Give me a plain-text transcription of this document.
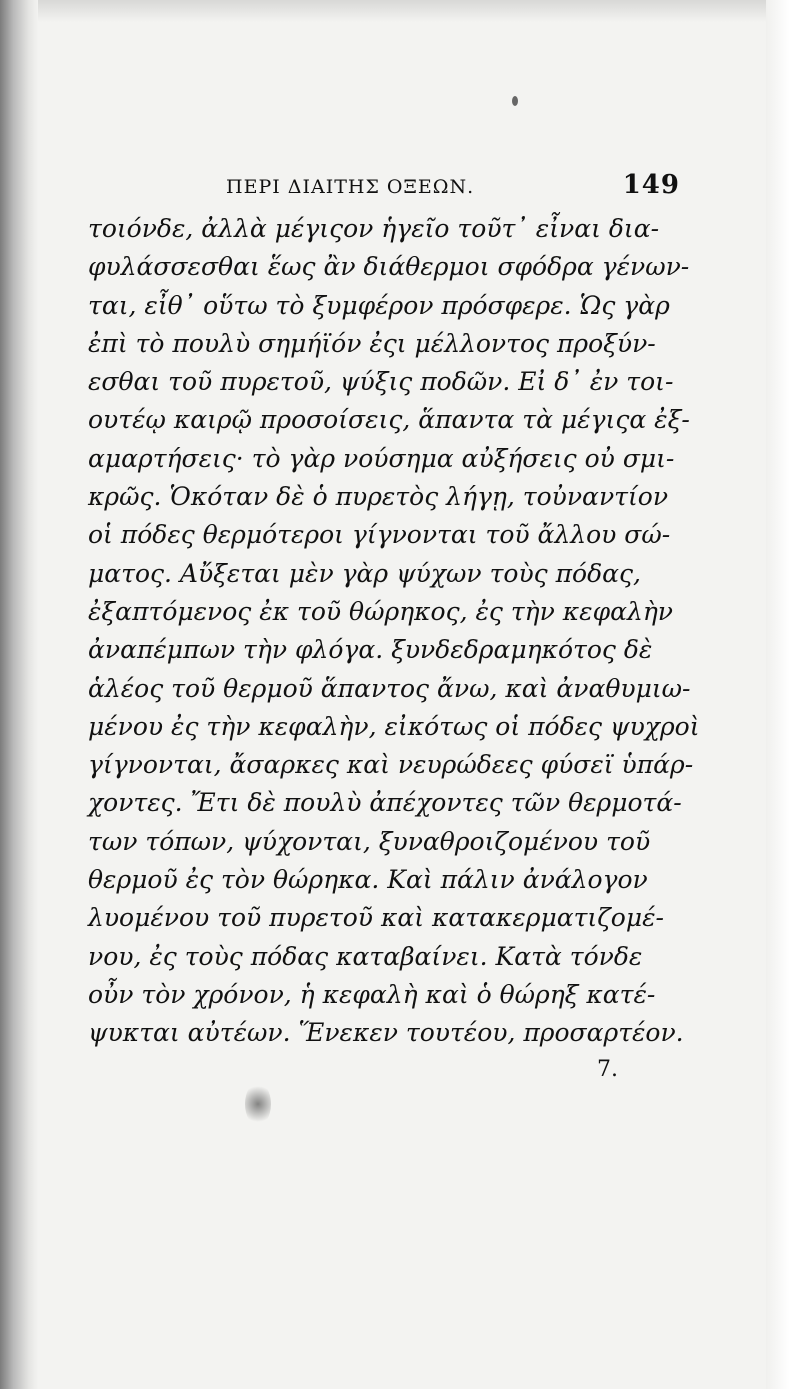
ΠΕΡΙ ΔΙΑΙΤΗΣ ΟΞΕΩΝ.	149
τοιόνδε, ἀλλὰ μέγιςον ἡγεῖο τοῦτ᾽ εἶναι δια-
φυλάσσεσθαι ἕως ἂν διάθερμοι σφόδρα γένων-
ται, εἶθ᾽ οὕτω τὸ ξυμφέρον πρόσφερε. Ὡς γὰρ
ἐπὶ τὸ πουλὺ σημήϊόν ἐςι μέλλοντος προξύν-
εσθαι τοῦ πυρετοῦ, ψύξις ποδῶν. Εἰ δ᾽ ἐν τοι-
ουτέῳ καιρῷ προσοίσεις, ἅπαντα τὰ μέγιςα ἐξ-
αμαρτήσεις· τὸ γὰρ νούσημα αὐξήσεις οὐ σμι-
κρῶς. Ὁκόταν δὲ ὁ πυρετὸς λήγῃ, τοὐναντίον
οἱ πόδες θερμότεροι γίγνονται τοῦ ἄλλου σώ-
ματος. Αὔξεται μὲν γὰρ ψύχων τοὺς πόδας,
ἐξαπτόμενος ἐκ τοῦ θώρηκος, ἐς τὴν κεφαλὴν
ἀναπέμπων τὴν φλόγα. ξυνδεδραμηκότος δὲ
ἁλέος τοῦ θερμοῦ ἅπαντος ἄνω, καὶ ἀναθυμιω-
μένου ἐς τὴν κεφαλὴν, εἰκότως οἱ πόδες ψυχροὶ
γίγνονται, ἄσαρκες καὶ νευρώδεες φύσεϊ ὑπάρ-
χοντες. Ἔτι δὲ πουλὺ ἀπέχοντες τῶν θερμοτά-
των τόπων, ψύχονται, ξυναθροιζομένου τοῦ
θερμοῦ ἐς τὸν θώρηκα. Καὶ πάλιν ἀνάλογον
λυομένου τοῦ πυρετοῦ καὶ κατακερματιζομέ-
νου, ἐς τοὺς πόδας καταβαίνει. Κατὰ τόνδε
οὖν τὸν χρόνον, ἡ κεφαλὴ καὶ ὁ θώρηξ κατέ-
ψυκται αὐτέων. Ἕνεκεν τουτέου, προσαρτέον.
7.
